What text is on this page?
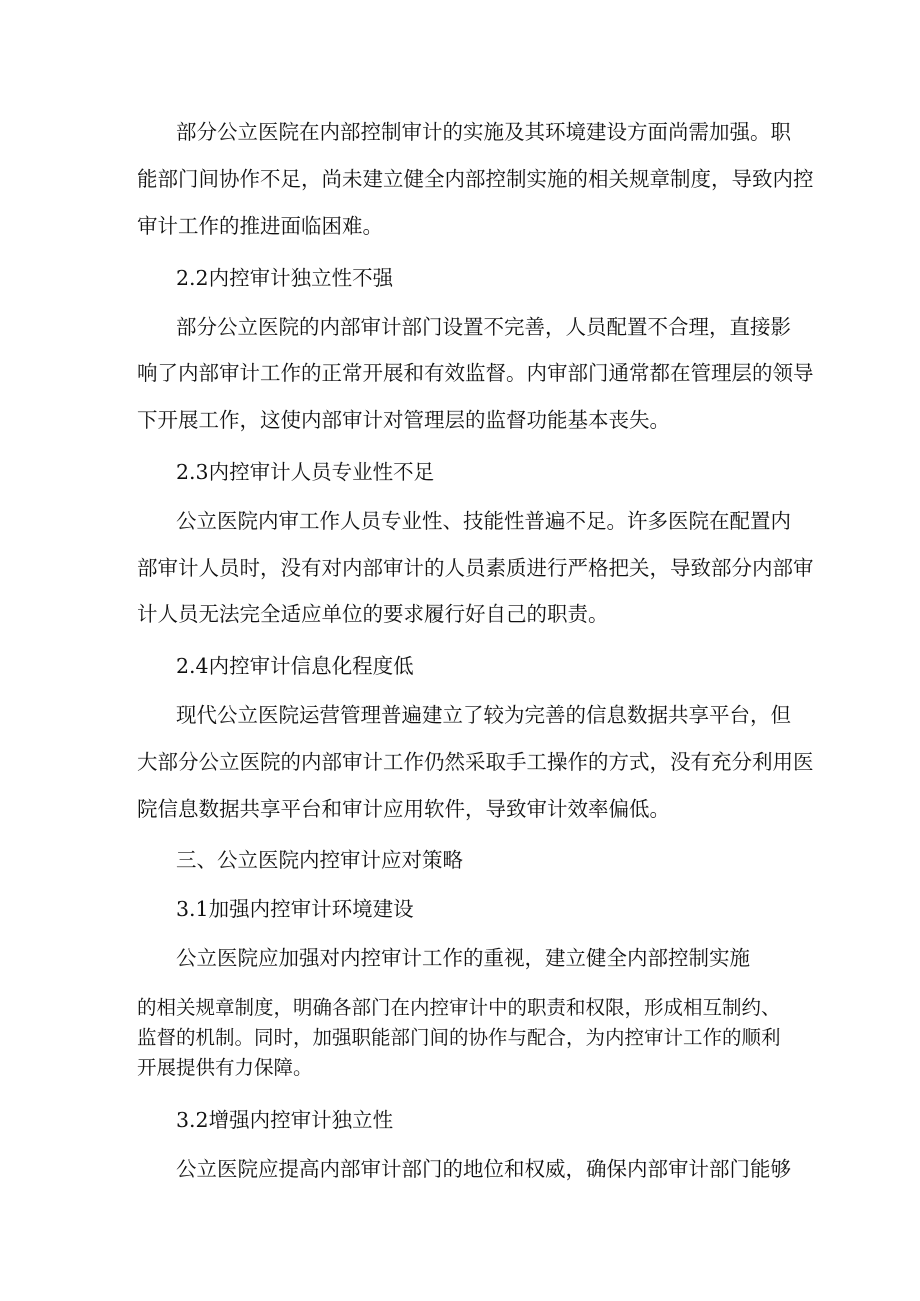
部分公立医院在内部控制审计的实施及其环境建设方面尚需加强。职

能部门间协作不足，尚未建立健全内部控制实施的相关规章制度，导致内控

审计工作的推进面临困难。

2.2内控审计独立性不强

部分公立医院的内部审计部门设置不完善，人员配置不合理，直接影

响了内部审计工作的正常开展和有效监督。内审部门通常都在管理层的领导

下开展工作，这使内部审计对管理层的监督功能基本丧失。

2.3内控审计人员专业性不足

公立医院内审工作人员专业性、技能性普遍不足。许多医院在配置内

部审计人员时，没有对内部审计的人员素质进行严格把关，导致部分内部审

计人员无法完全适应单位的要求履行好自己的职责。

2.4内控审计信息化程度低

现代公立医院运营管理普遍建立了较为完善的信息数据共享平台，但

大部分公立医院的内部审计工作仍然采取手工操作的方式，没有充分利用医

院信息数据共享平台和审计应用软件，导致审计效率偏低。

三、公立医院内控审计应对策略

3.1加强内控审计环境建设

公立医院应加强对内控审计工作的重视，建立健全内部控制实施

的相关规章制度，明确各部门在内控审计中的职责和权限，形成相互制约、

监督的机制。同时，加强职能部门间的协作与配合，为内控审计工作的顺利

开展提供有力保障。

3.2增强内控审计独立性

公立医院应提高内部审计部门的地位和权威，确保内部审计部门能够
